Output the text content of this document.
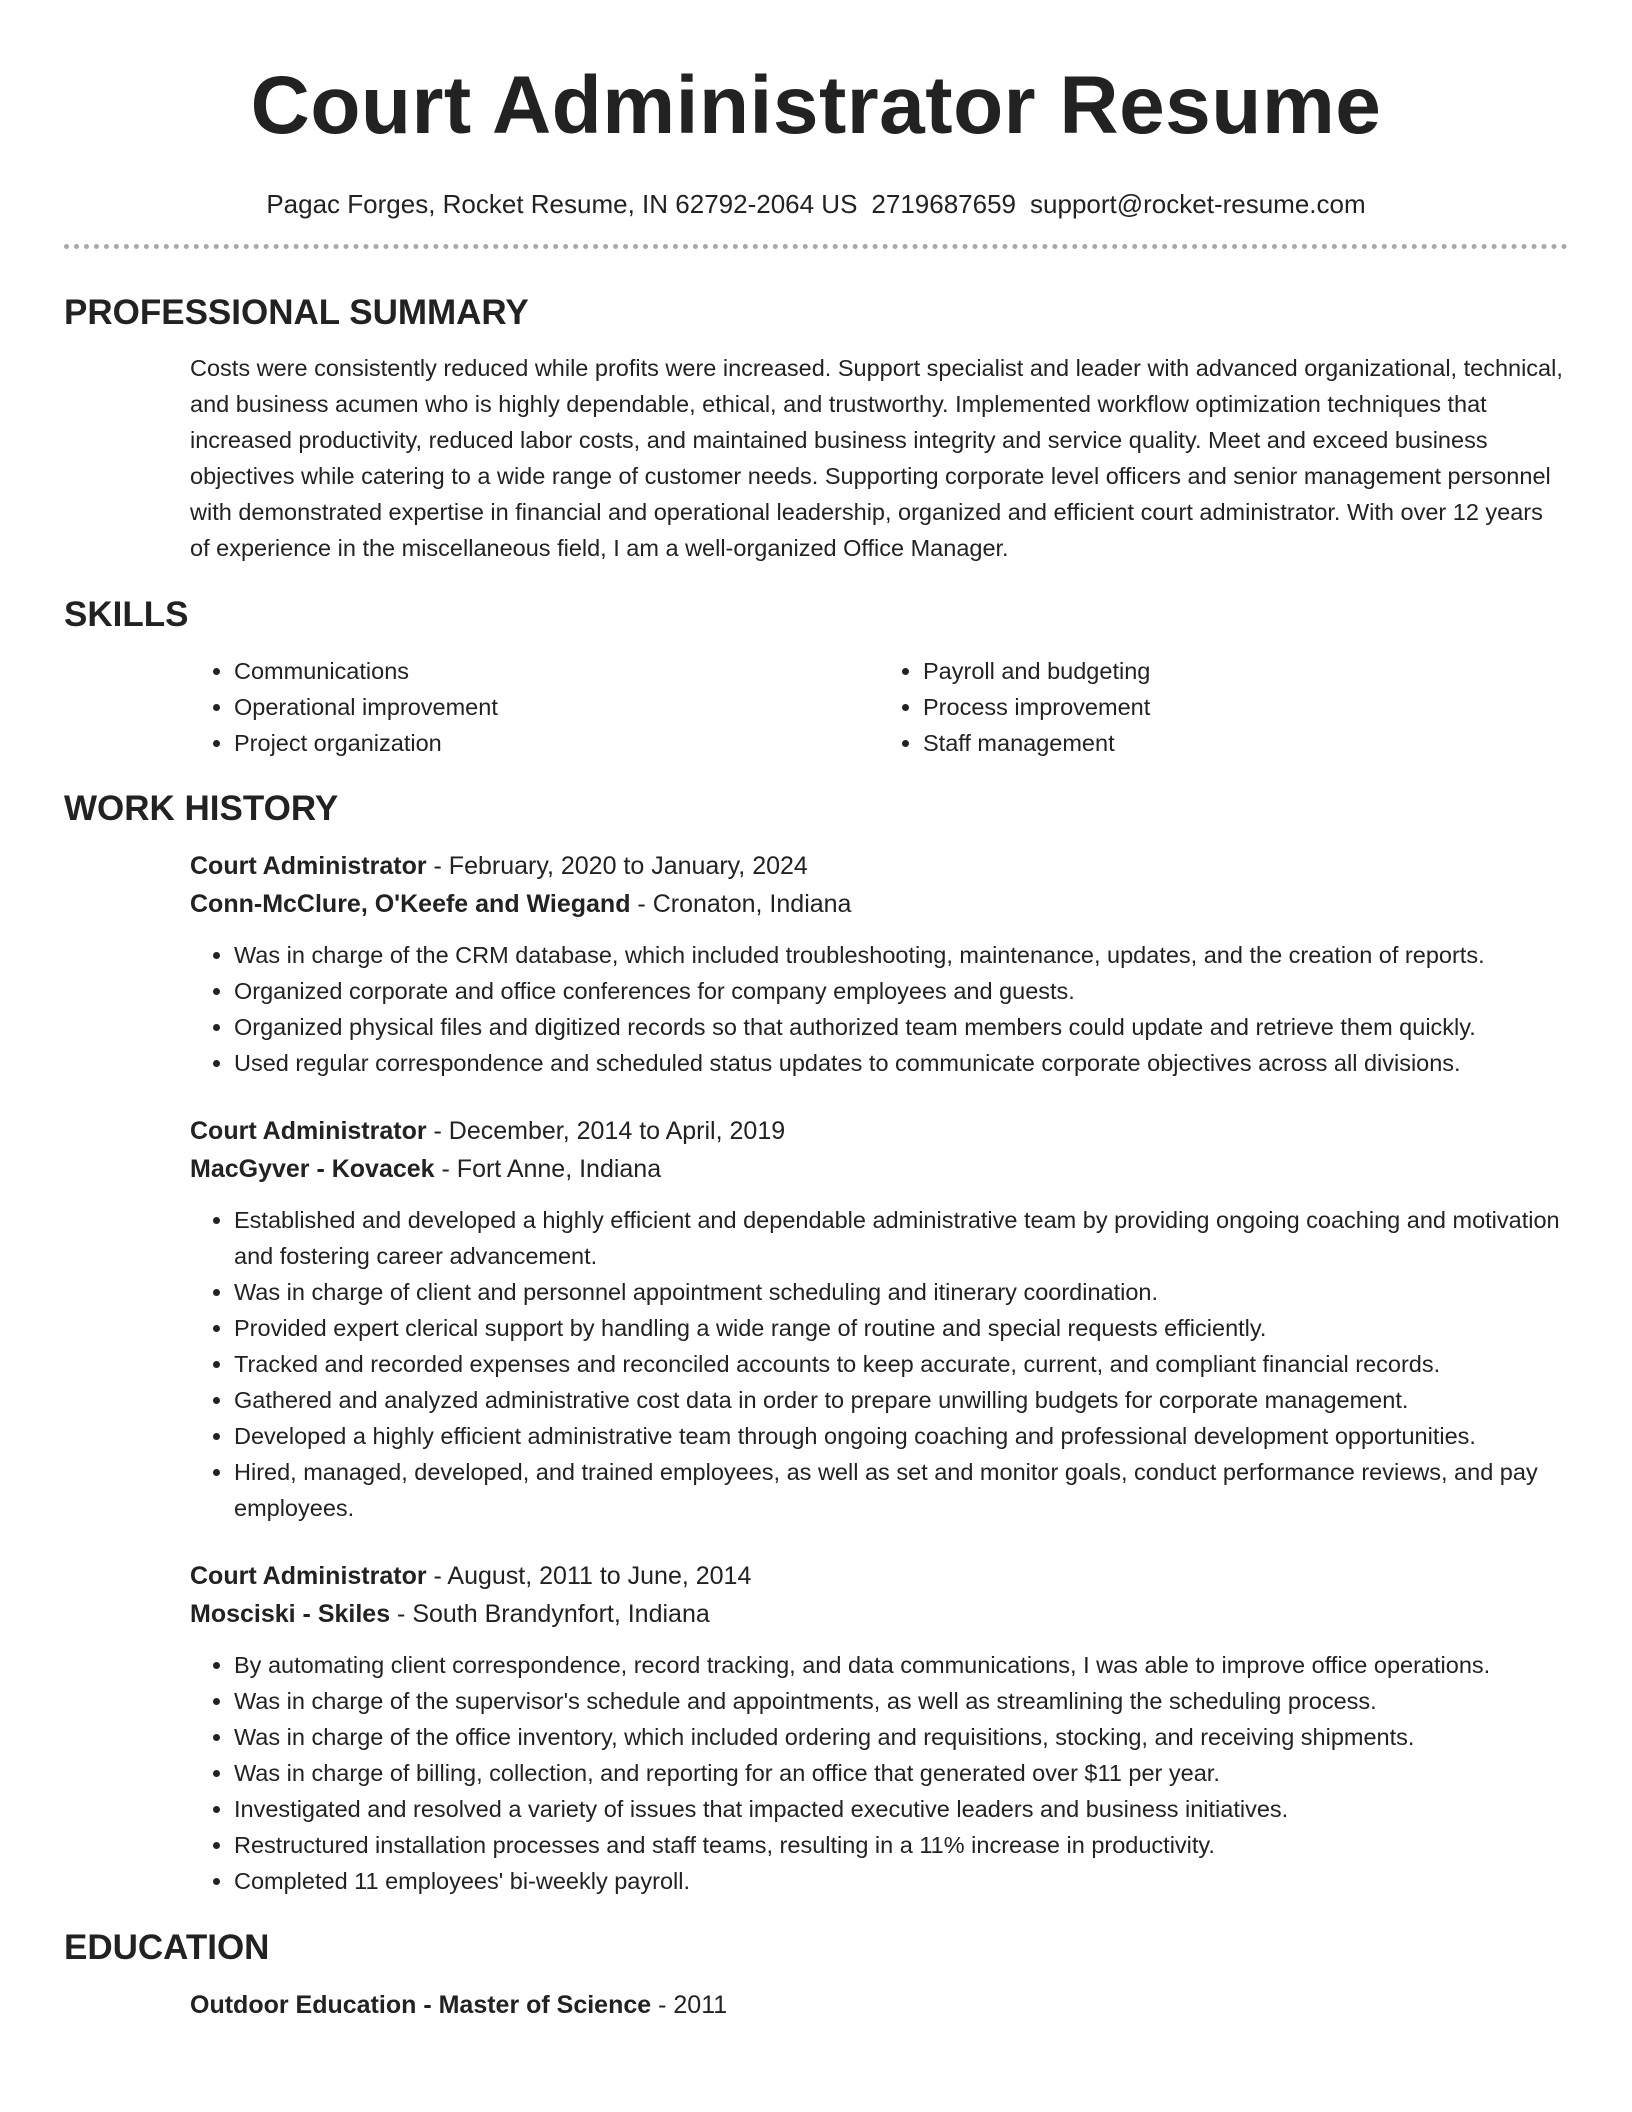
Court Administrator Resume
Pagac Forges, Rocket Resume, IN 62792-2064 US 2719687659 support@rocket-resume.com
PROFESSIONAL SUMMARY

Costs were consistently reduced while profits were increased. Support specialist and leader with advanced organizational, technical, and business acumen who is highly dependable, ethical, and trustworthy. Implemented workflow optimization techniques that increased productivity, reduced labor costs, and maintained business integrity and service quality. Meet and exceed business objectives while catering to a wide range of customer needs. Supporting corporate level officers and senior management personnel with demonstrated expertise in financial and operational leadership, organized and efficient court administrator. With over 12 years of experience in the miscellaneous field, I am a well-organized Office Manager.

SKILLS
• Communications
• Operational improvement
• Project organization
• Payroll and budgeting
• Process improvement
• Staff management
WORK HISTORY
Court Administrator - February, 2020 to January, 2024
Conn-McClure, O'Keefe and Wiegand - Cronaton, Indiana
• Was in charge of the CRM database, which included troubleshooting, maintenance, updates, and the creation of reports.
• Organized corporate and office conferences for company employees and guests.
• Organized physical files and digitized records so that authorized team members could update and retrieve them quickly.
• Used regular correspondence and scheduled status updates to communicate corporate objectives across all divisions.
Court Administrator - December, 2014 to April, 2019
MacGyver - Kovacek - Fort Anne, Indiana
• Established and developed a highly efficient and dependable administrative team by providing ongoing coaching and motivation and fostering career advancement.
• Was in charge of client and personnel appointment scheduling and itinerary coordination.
• Provided expert clerical support by handling a wide range of routine and special requests efficiently.
• Tracked and recorded expenses and reconciled accounts to keep accurate, current, and compliant financial records.
• Gathered and analyzed administrative cost data in order to prepare unwilling budgets for corporate management.
• Developed a highly efficient administrative team through ongoing coaching and professional development opportunities.
• Hired, managed, developed, and trained employees, as well as set and monitor goals, conduct performance reviews, and pay employees.
Court Administrator - August, 2011 to June, 2014
Mosciski - Skiles - South Brandynfort, Indiana
• By automating client correspondence, record tracking, and data communications, I was able to improve office operations.
• Was in charge of the supervisor's schedule and appointments, as well as streamlining the scheduling process.
• Was in charge of the office inventory, which included ordering and requisitions, stocking, and receiving shipments.
• Was in charge of billing, collection, and reporting for an office that generated over $11 per year.
• Investigated and resolved a variety of issues that impacted executive leaders and business initiatives.
• Restructured installation processes and staff teams, resulting in a 11% increase in productivity.
• Completed 11 employees' bi-weekly payroll.
EDUCATION
Outdoor Education - Master of Science - 2011
